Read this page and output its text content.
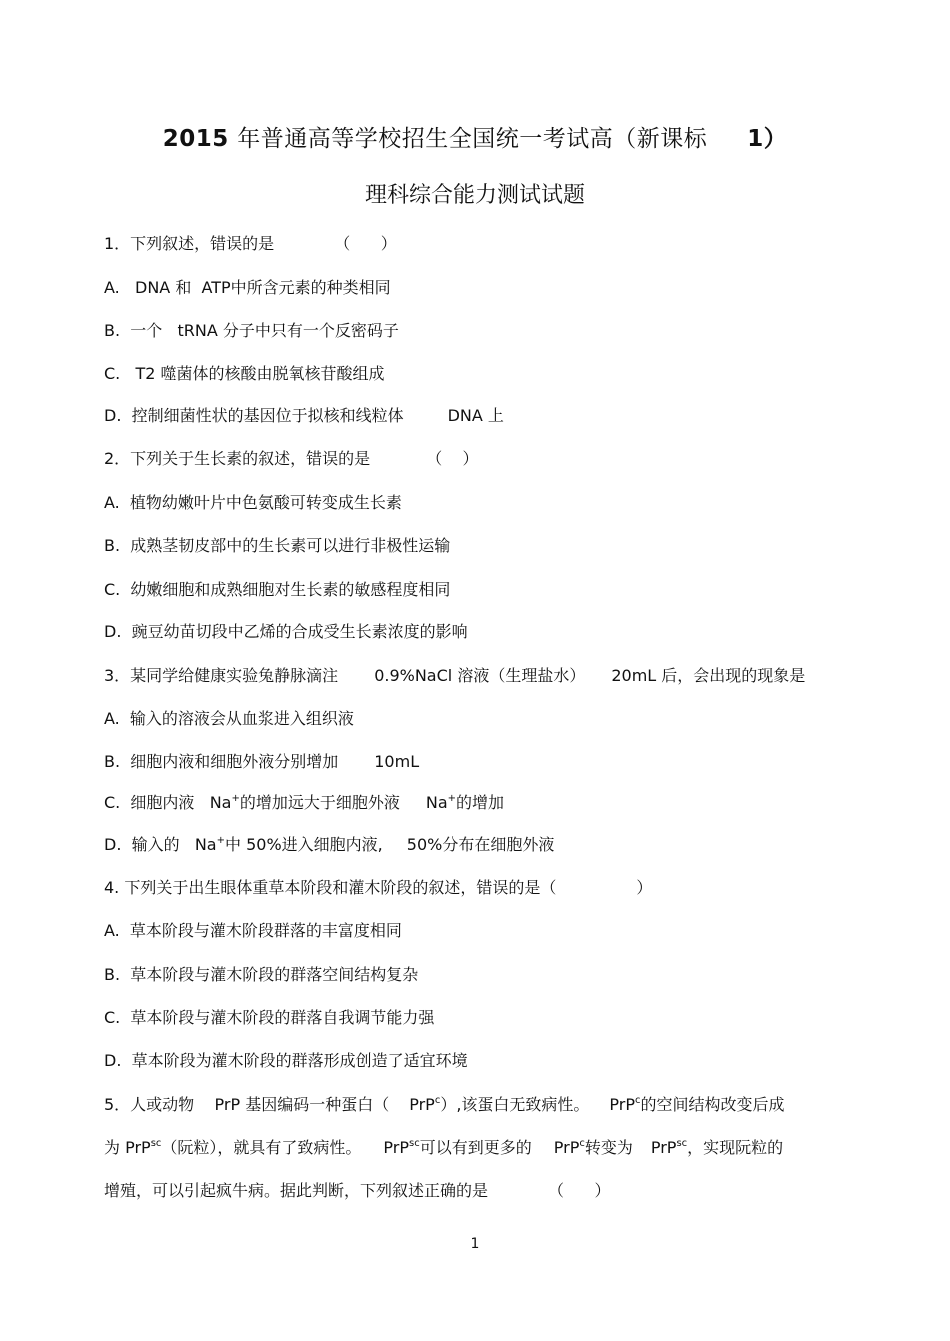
2015 年普通高等学校招生全国统一考试高（新课标 1）
理科综合能力测试试题
1．下列叙述，错误的是	（      ）
A.   DNA 和  ATP中所含元素的种类相同
B.  一个   tRNA 分子中只有一个反密码子
C.   T2 噬菌体的核酸由脱氧核苷酸组成
D.  控制细菌性状的基因位于拟核和线粒体	DNA 上
2．下列关于生长素的叙述，错误的是	（    ）
A.  植物幼嫩叶片中色氨酸可转变成生长素
B.  成熟茎韧皮部中的生长素可以进行非极性运输
C.  幼嫩细胞和成熟细胞对生长素的敏感程度相同
D.  豌豆幼苗切段中乙烯的合成受生长素浓度的影响
3．某同学给健康实验兔静脉滴注 0.9%NaCl 溶液（生理盐水） 20mL 后，会出现的现象是
A.  输入的溶液会从血浆进入组织液
B.  细胞内液和细胞外液分别增加 10mL
C.  细胞内液   Na+的增加远大于细胞外液 Na+的增加
D.  输入的   Na+中 50%进入细胞内液, 50%分布在细胞外液
4. 下列关于出生眼体重草本阶段和灌木阶段的叙述，错误的是（	）
A.  草本阶段与灌木阶段群落的丰富度相同
B.  草本阶段与灌木阶段的群落空间结构复杂
C.  草本阶段与灌木阶段的群落自我调节能力强
D.  草本阶段为灌木阶段的群落形成创造了适宜环境
5．人或动物    PrP 基因编码一种蛋白（ PrP$^c$）,该蛋白无致病性。 PrP$^c$的空间结构改变后成
为 PrP$^{sc}$（阮粒），就具有了致病性。 PrP$^{sc}$可以有到更多的 PrP$^c$转变为 PrP$^{sc}$，实现阮粒的
增殖，可以引起疯牛病。据此判断，下列叙述正确的是	（      ）
1
